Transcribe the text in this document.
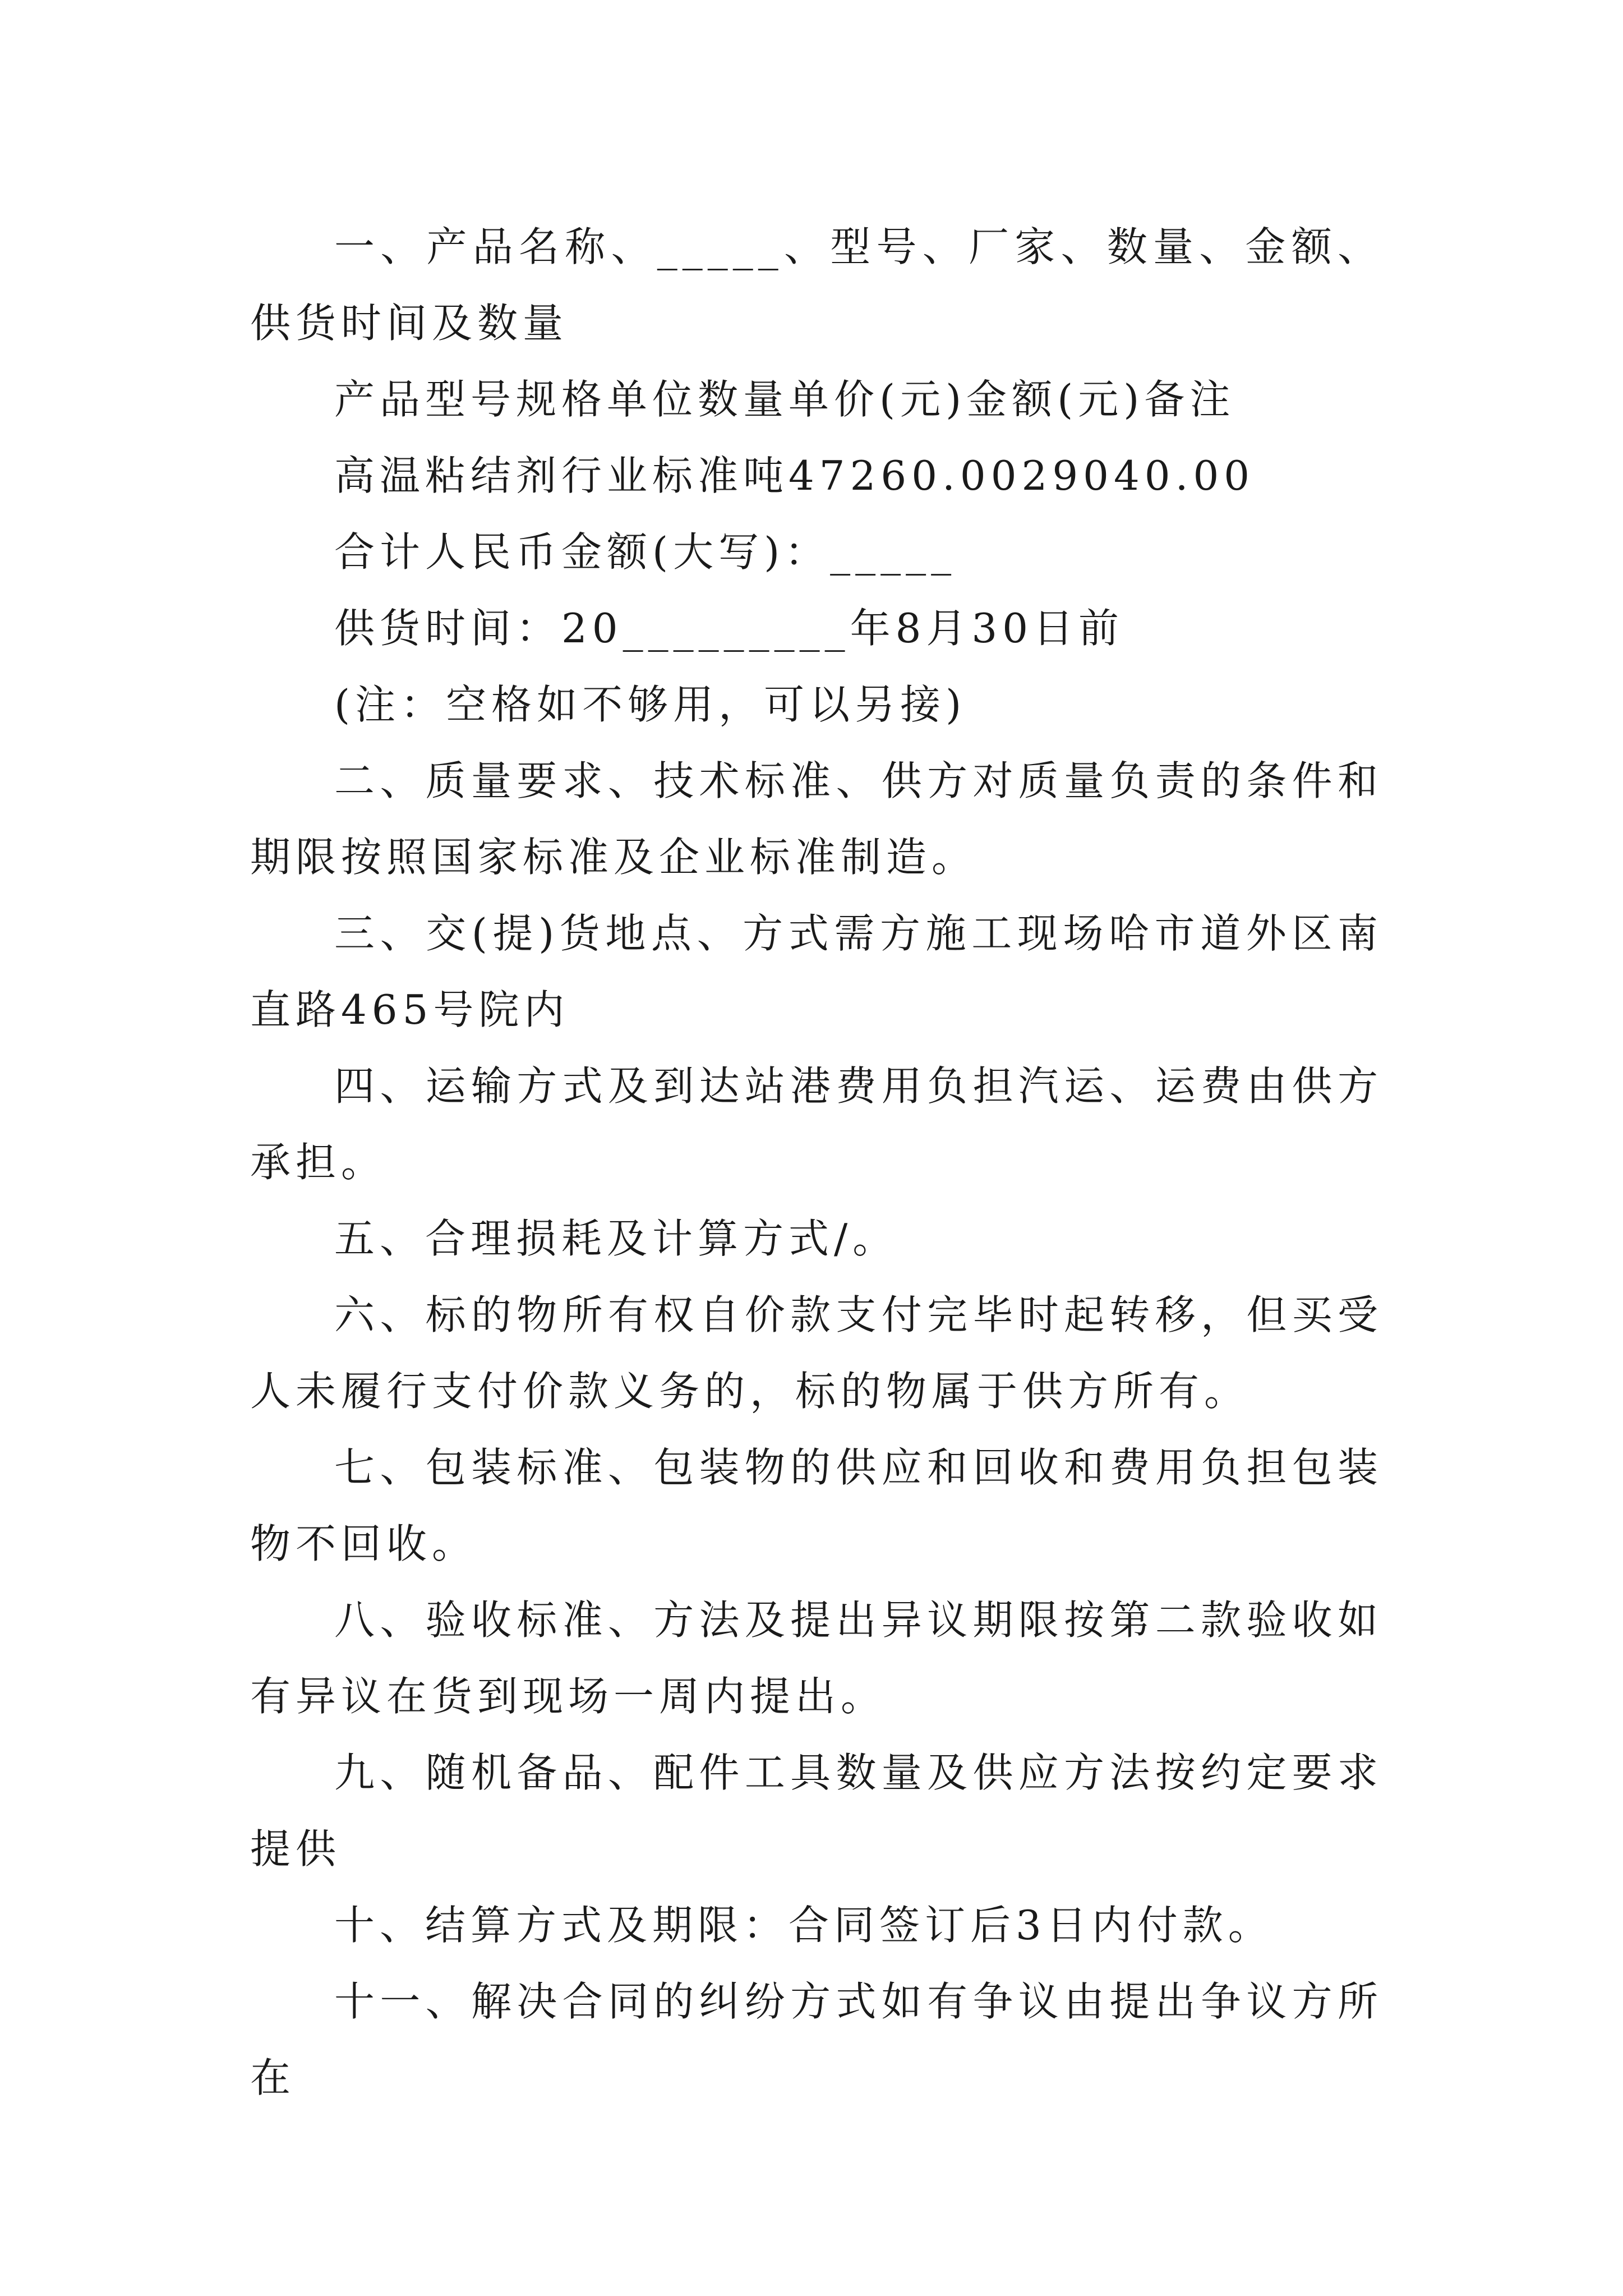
一、产品名称、_____、型号、厂家、数量、金额、供货时间及数量

产品型号规格单位数量单价(元)金额(元)备注

高温粘结剂行业标准吨47260.0029040.00

合计人民币金额(大写)：_____

供货时间：20_________年8月30日前

(注：空格如不够用，可以另接)

二、质量要求、技术标准、供方对质量负责的条件和期限按照国家标准及企业标准制造。

三、交(提)货地点、方式需方施工现场哈市道外区南直路465号院内

四、运输方式及到达站港费用负担汽运、运费由供方承担。

五、合理损耗及计算方式/。

六、标的物所有权自价款支付完毕时起转移，但买受人未履行支付价款义务的，标的物属于供方所有。

七、包装标准、包装物的供应和回收和费用负担包装物不回收。

八、验收标准、方法及提出异议期限按第二款验收如有异议在货到现场一周内提出。

九、随机备品、配件工具数量及供应方法按约定要求提供

十、结算方式及期限：合同签订后3日内付款。

十一、解决合同的纠纷方式如有争议由提出争议方所在
